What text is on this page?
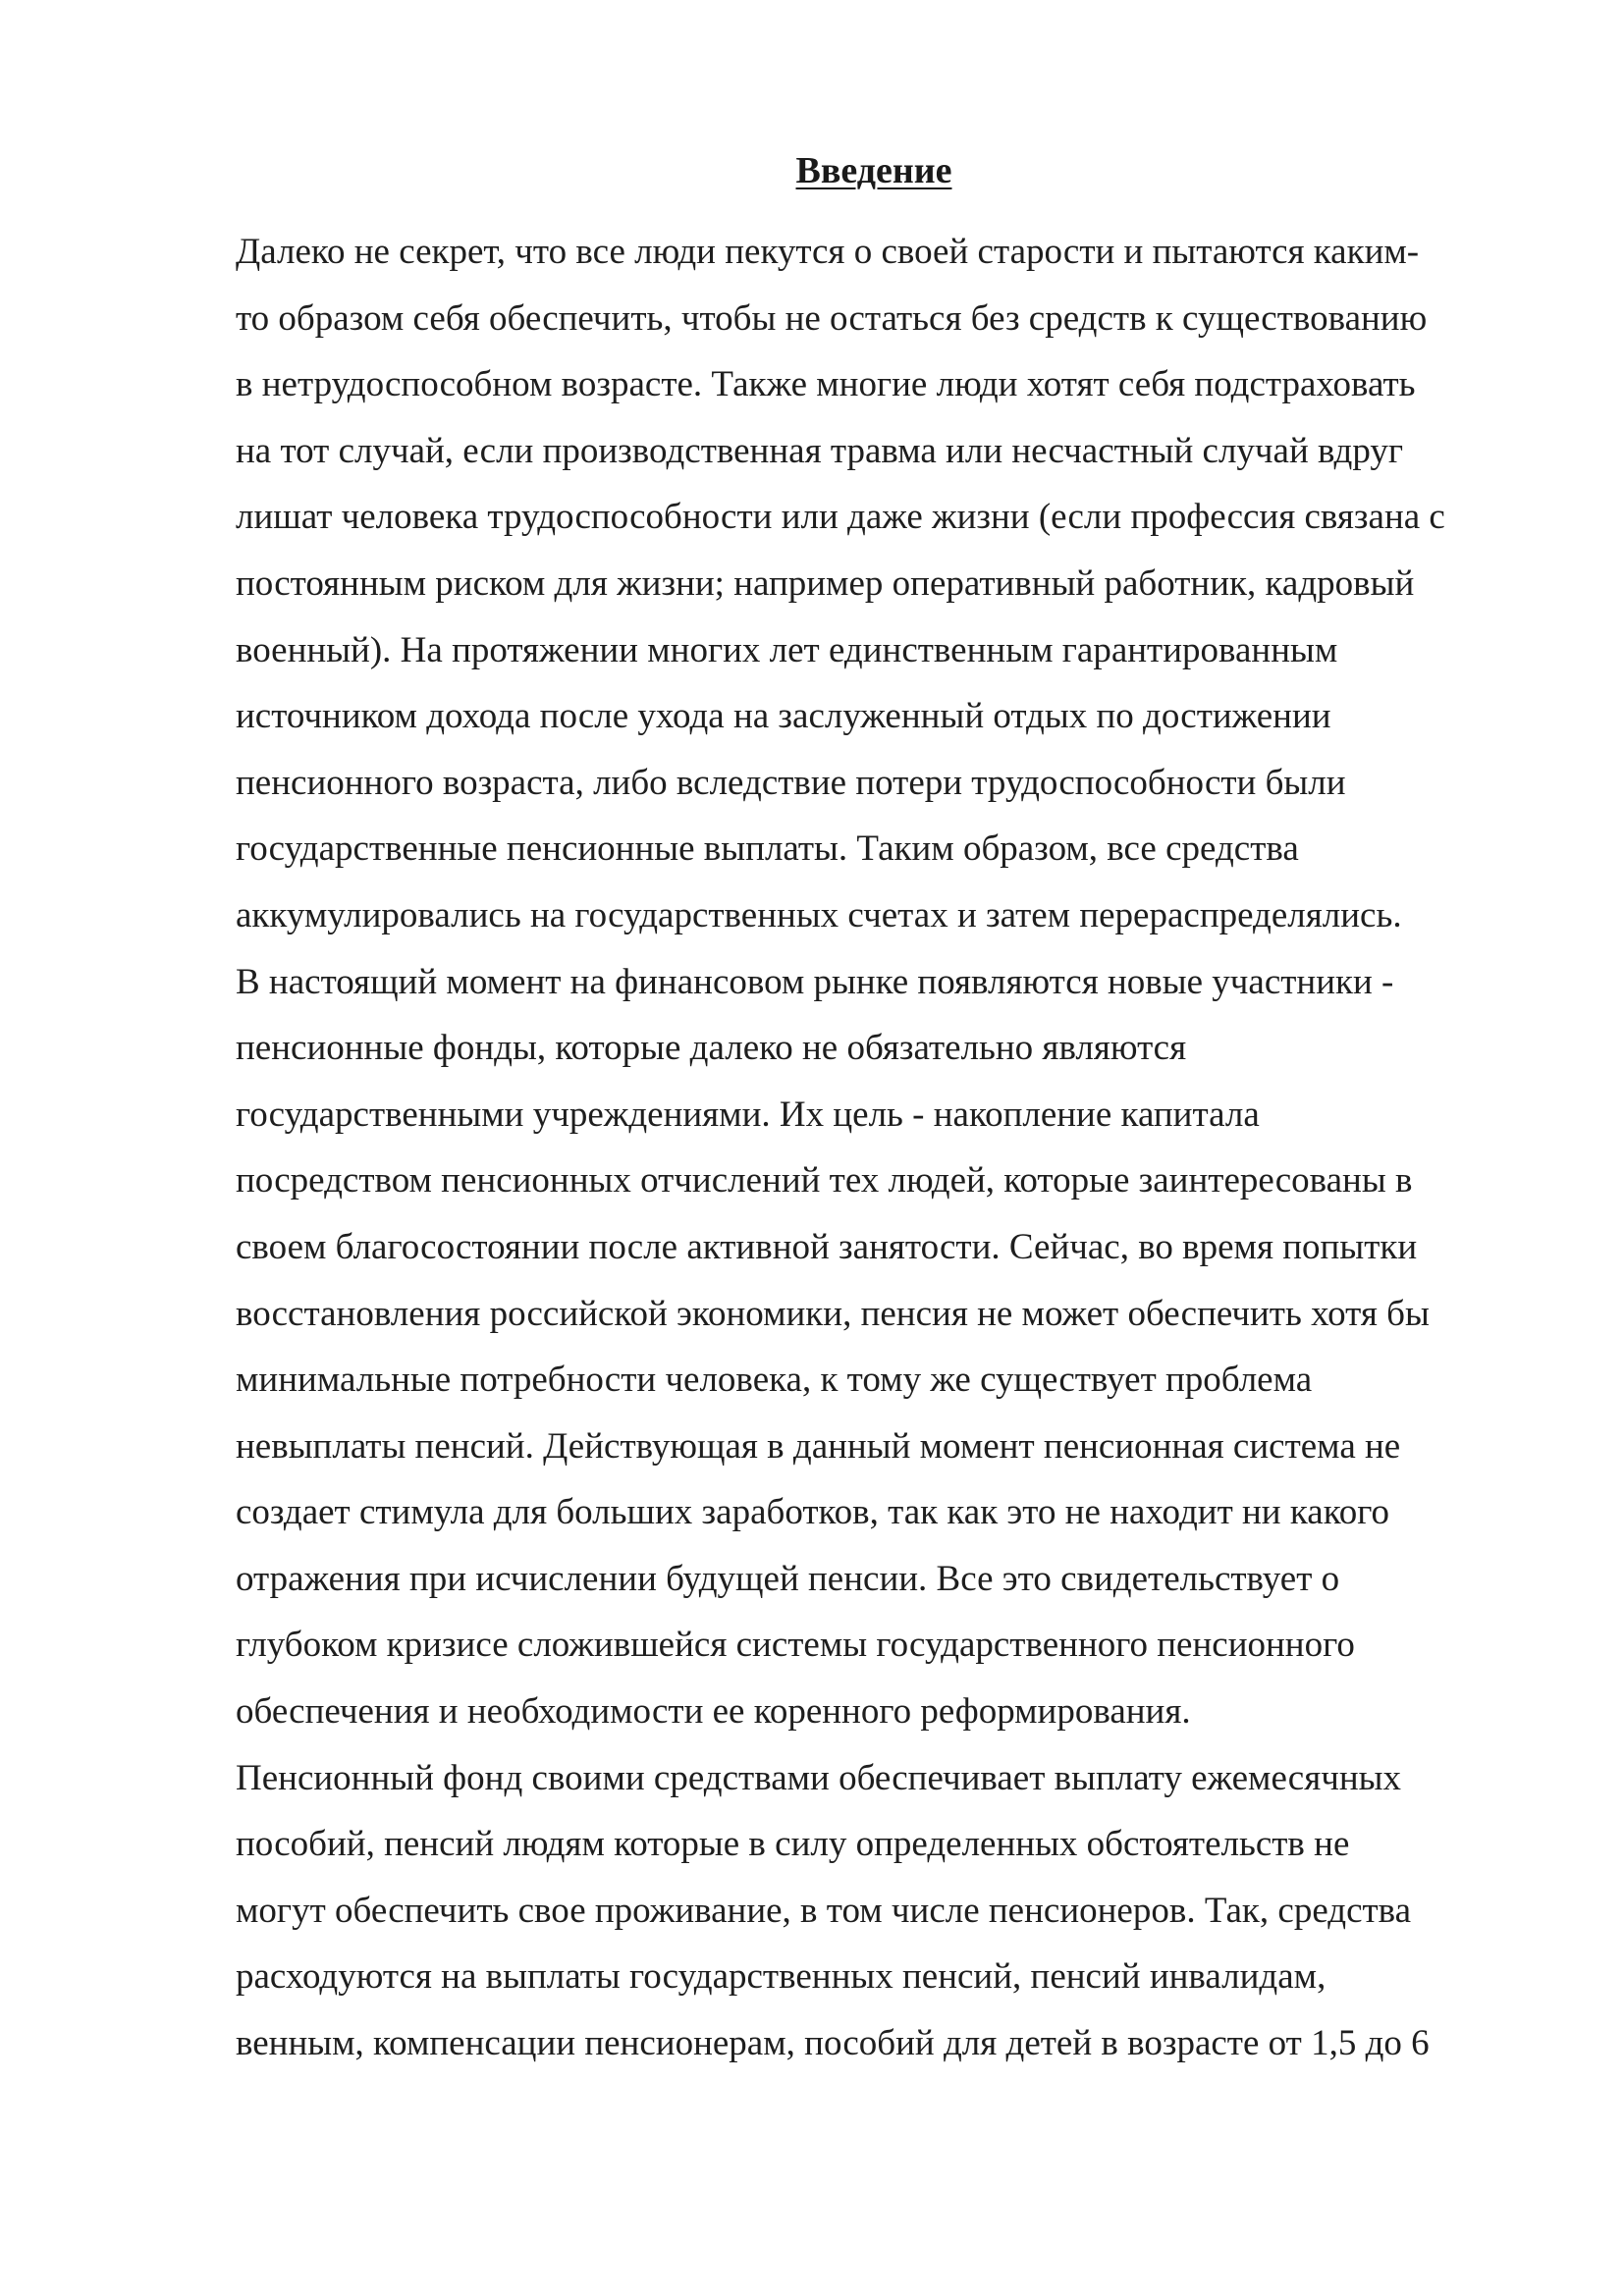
Введение
Далеко не секрет, что все люди пекутся о своей старости и пытаются каким-
то образом себя обеспечить, чтобы не остаться без средств к существованию
в нетрудоспособном возрасте. Также многие люди хотят себя подстраховать
на тот случай, если производственная травма или несчастный случай вдруг
лишат человека трудоспособности или даже жизни (если профессия связана с
постоянным риском для жизни; например оперативный работник, кадровый
военный). На протяжении многих лет единственным гарантированным
источником дохода после ухода на заслуженный отдых по достижении
пенсионного возраста, либо вследствие потери трудоспособности были
государственные пенсионные выплаты. Таким образом, все средства
аккумулировались на государственных счетах и затем перераспределялись.
В настоящий момент на финансовом рынке появляются новые участники -
пенсионные фонды, которые далеко не обязательно являются
государственными учреждениями. Их цель - накопление капитала
посредством пенсионных отчислений тех людей, которые заинтересованы в
своем благосостоянии после активной занятости. Сейчас, во время попытки
восстановления российской экономики, пенсия не может обеспечить хотя бы
минимальные потребности человека, к тому же существует проблема
невыплаты пенсий. Действующая в данный момент пенсионная система не
создает стимула для больших заработков, так как это не находит ни какого
отражения при исчислении будущей пенсии. Все это свидетельствует о
глубоком кризисе сложившейся системы государственного пенсионного
обеспечения и необходимости ее коренного реформирования.
Пенсионный фонд своими средствами обеспечивает выплату ежемесячных
пособий, пенсий людям которые в силу определенных обстоятельств не
могут обеспечить свое проживание, в том числе пенсионеров. Так, средства
расходуются на выплаты государственных пенсий, пенсий инвалидам,
венным, компенсации пенсионерам, пособий для детей в возрасте от 1,5 до 6
